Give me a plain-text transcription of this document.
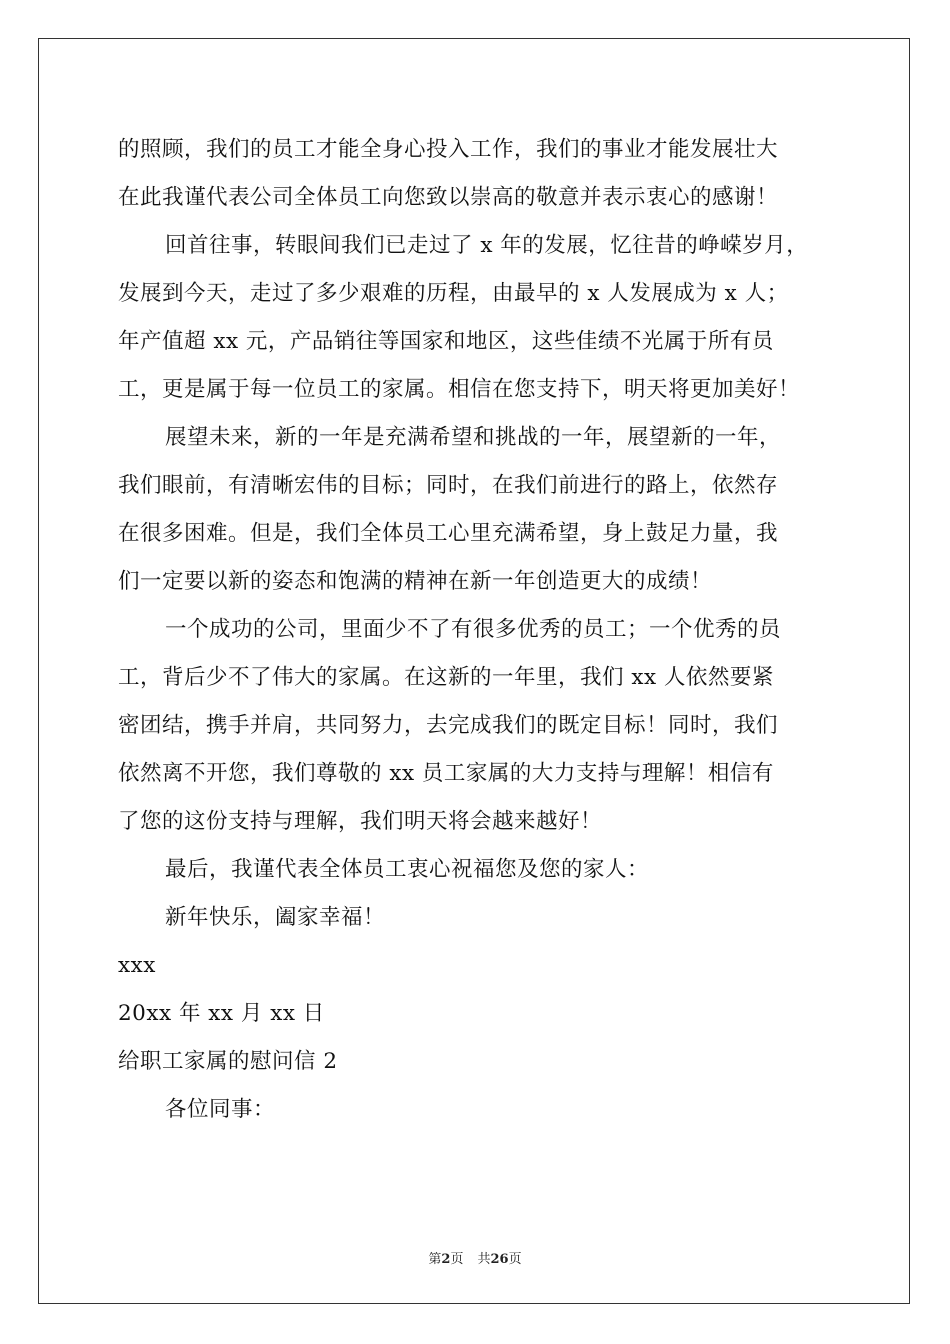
的照顾，我们的员工才能全身心投入工作，我们的事业才能发展壮大
在此我谨代表公司全体员工向您致以崇高的敬意并表示衷心的感谢！
回首往事，转眼间我们已走过了 x 年的发展，忆往昔的峥嵘岁月，
发展到今天，走过了多少艰难的历程，由最早的 x 人发展成为 x 人；
年产值超 xx 元，产品销往等国家和地区，这些佳绩不光属于所有员
工，更是属于每一位员工的家属。相信在您支持下，明天将更加美好！
展望未来，新的一年是充满希望和挑战的一年，展望新的一年，
我们眼前，有清晰宏伟的目标；同时，在我们前进行的路上，依然存
在很多困难。但是，我们全体员工心里充满希望，身上鼓足力量，我
们一定要以新的姿态和饱满的精神在新一年创造更大的成绩！
一个成功的公司，里面少不了有很多优秀的员工；一个优秀的员
工，背后少不了伟大的家属。在这新的一年里，我们 xx 人依然要紧
密团结，携手并肩，共同努力，去完成我们的既定目标！同时，我们
依然离不开您，我们尊敬的 xx 员工家属的大力支持与理解！相信有
了您的这份支持与理解，我们明天将会越来越好！
最后，我谨代表全体员工衷心祝福您及您的家人：
新年快乐，阖家幸福！
xxx
20xx 年 xx 月 xx 日
给职工家属的慰问信 2
各位同事：
第2页 共26页
